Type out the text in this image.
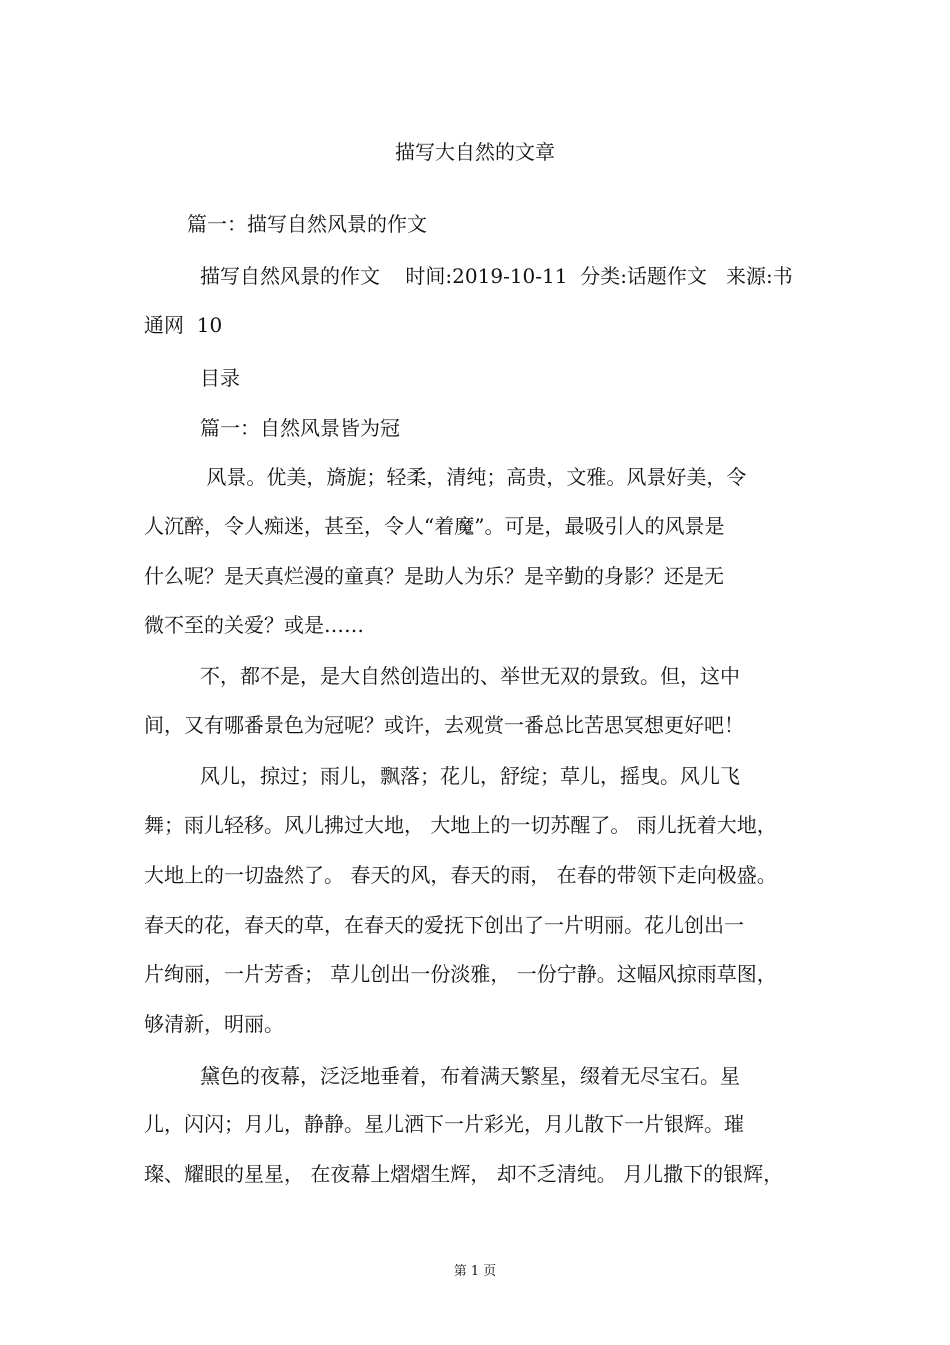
描写大自然的文章

篇一：描写自然风景的作文

描写自然风景的作文    时间:2019-10-11  分类:话题作文   来源:书

通网  10

目录

篇一：自然风景皆为冠

风景。优美，旖旎；轻柔，清纯；高贵，文雅。风景好美，令

人沉醉，令人痴迷，甚至，令人“着魔”。可是，最吸引人的风景是

什么呢？是天真烂漫的童真？是助人为乐？是辛勤的身影？还是无

微不至的关爱？或是……

不，都不是，是大自然创造出的、举世无双的景致。但，这中

间，又有哪番景色为冠呢？或许，去观赏一番总比苦思冥想更好吧！

风儿，掠过；雨儿，飘落；花儿，舒绽；草儿，摇曳。风儿飞

舞；雨儿轻移。风儿拂过大地， 大地上的一切苏醒了。 雨儿抚着大地，

大地上的一切盎然了。 春天的风，春天的雨， 在春的带领下走向极盛。

春天的花，春天的草，在春天的爱抚下创出了一片明丽。花儿创出一

片绚丽，一片芳香； 草儿创出一份淡雅， 一份宁静。这幅风掠雨草图，

够清新，明丽。

黛色的夜幕，泛泛地垂着，布着满天繁星，缀着无尽宝石。星

儿，闪闪；月儿，静静。星儿洒下一片彩光，月儿散下一片银辉。璀

璨、耀眼的星星， 在夜幕上熠熠生辉， 却不乏清纯。 月儿撒下的银辉，

第 1 页
